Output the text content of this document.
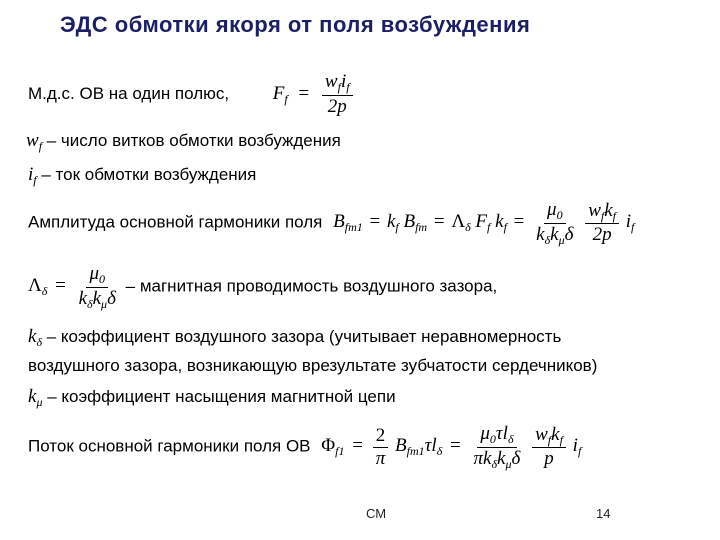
ЭДС обмотки якоря от поля возбуждения
М.д.с. ОВ на один полюс, $F_f = \frac{w_fi_f}{2p}$
$w_f$ – число витков обмотки возбуждения
$i_f$ – ток обмотки возбуждения
Амплитуда основной гармоники поля $B_{fm1} = k_f$ $B_{fm} = \Lambda_\delta$ $F_f$ $k_f = \frac{\mu_0}{k_\delta k_\mu\delta}$
$\frac{w_fk_f}{2p} i_f$
$\Lambda_\delta = \frac{\mu_0}{k_\delta k_\mu\delta}$ – магнитная проводимость воздушного зазора,
$k_\delta$ – коэффициент воздушного зазора (учитывает неравномерность
воздушного зазора, возникающую врезультате зубчатости сердечников)
$k_\mu$ – коэффициент насыщения магнитной цепи
Поток основной гармоники поля ОВ $\Phi_{f1} = \frac{2}{\pi} B_{fm1}\tau l_\delta = \frac{\mu_0\tau l_\delta}{\pi k_\delta k_\mu\delta}$
$\frac{w_fk_f}{p} i_f$
СМ	14
